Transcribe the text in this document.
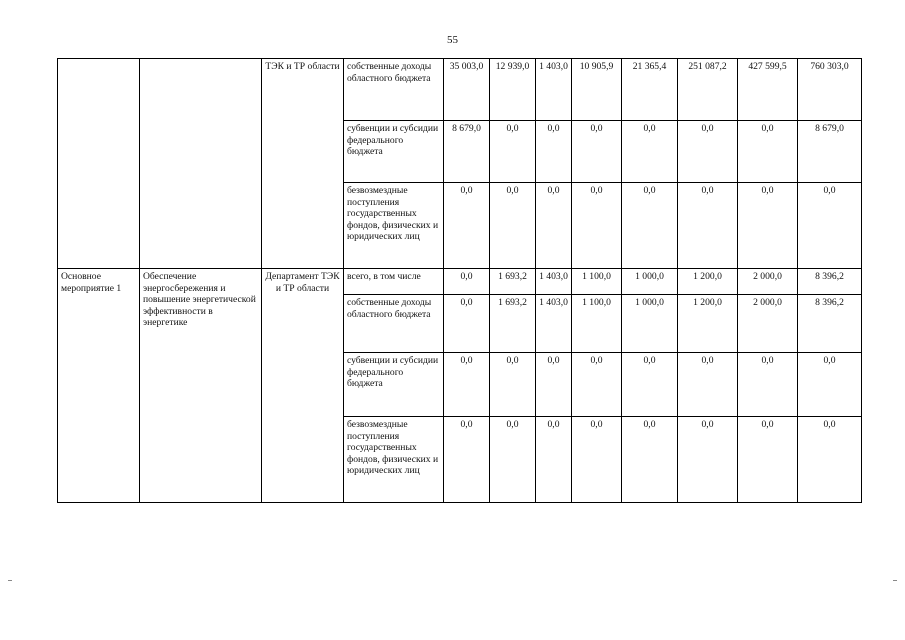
55
		ТЭК и ТР области	собственные доходы областного бюджета	35 003,0	12 939,0	1 403,0	10 905,9	21 365,4	251 087,2	427 599,5	760 303,0
			субвенции и субсидии федерального бюджета	8 679,0	0,0	0,0	0,0	0,0	0,0	0,0	8 679,0
			безвозмездные поступления государственных фондов, физических и юридических лиц	0,0	0,0	0,0	0,0	0,0	0,0	0,0	0,0
Основное мероприятие 1	Обеспечение энергосбережения и повышение энергетической эффективности в энергетике	Департамент ТЭК и ТР области	всего, в том числе	0,0	1 693,2	1 403,0	1 100,0	1 000,0	1 200,0	2 000,0	8 396,2
			собственные доходы областного бюджета	0,0	1 693,2	1 403,0	1 100,0	1 000,0	1 200,0	2 000,0	8 396,2
			субвенции и субсидии федерального бюджета	0,0	0,0	0,0	0,0	0,0	0,0	0,0	0,0
			безвозмездные поступления государственных фондов, физических и юридических лиц	0,0	0,0	0,0	0,0	0,0	0,0	0,0	0,0
